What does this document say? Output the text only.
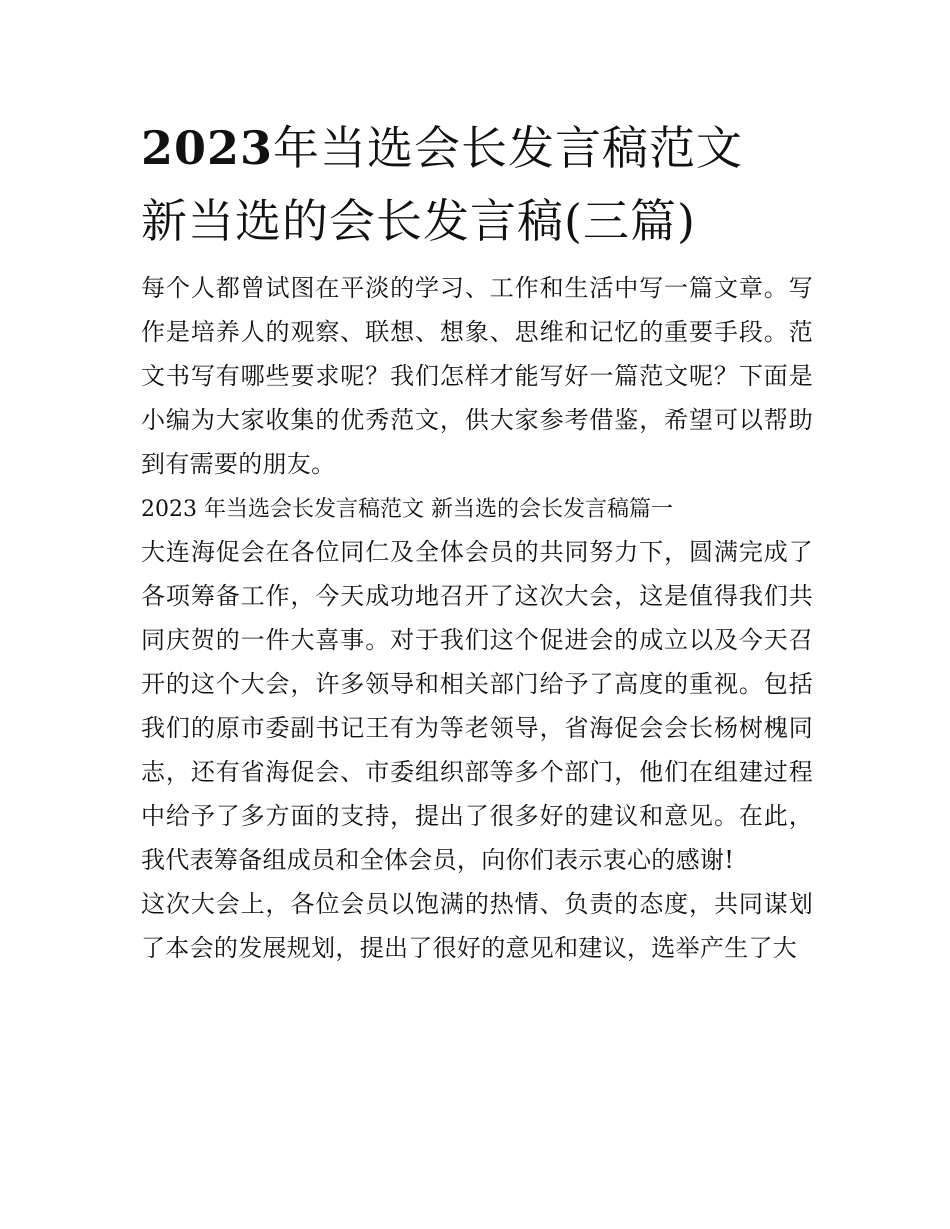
2023年当选会长发言稿范文
新当选的会长发言稿(三篇)

每个人都曾试图在平淡的学习、工作和生活中写一篇文章。写作是培养人的观察、联想、想象、思维和记忆的重要手段。范文书写有哪些要求呢？我们怎样才能写好一篇范文呢？下面是小编为大家收集的优秀范文，供大家参考借鉴，希望可以帮助到有需要的朋友。

2023 年当选会长发言稿范文 新当选的会长发言稿篇一

大连海促会在各位同仁及全体会员的共同努力下，圆满完成了各项筹备工作，今天成功地召开了这次大会，这是值得我们共同庆贺的一件大喜事。对于我们这个促进会的成立以及今天召开的这个大会，许多领导和相关部门给予了高度的重视。包括我们的原市委副书记王有为等老领导，省海促会会长杨树槐同志，还有省海促会、市委组织部等多个部门，他们在组建过程中给予了多方面的支持，提出了很多好的建议和意见。在此，我代表筹备组成员和全体会员，向你们表示衷心的感谢!

这次大会上，各位会员以饱满的热情、负责的态度，共同谋划了本会的发展规划，提出了很好的意见和建议，选举产生了大
